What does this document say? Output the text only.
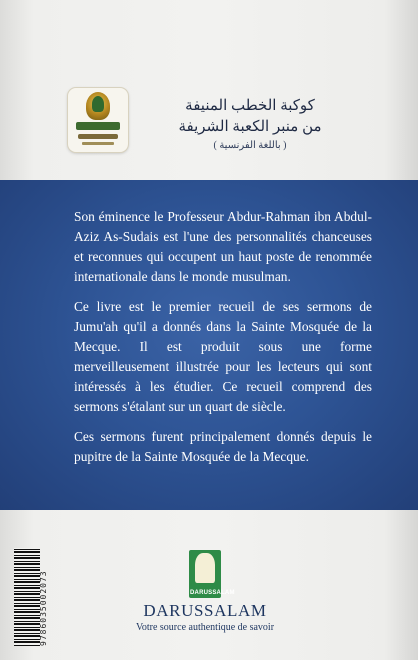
كوكبة الخطب المنيفة
من منبر الكعبة الشريفة
( باللغة الفرنسية )

Son éminence le Professeur Abdur-Rahman ibn Abdul-Aziz As-Sudais est l'une des personnalités chanceuses et reconnues qui occupent un haut poste de renommée internationale dans le monde musulman.

Ce livre est le premier recueil de ses sermons de Jumu'ah qu'il a donnés dans la Sainte Mosquée de la Mecque. Il est produit sous une forme merveilleusement illustrée pour les lecteurs qui sont intéressés à les étudier. Ce recueil comprend des sermons s'étalant sur un quart de siècle.

Ces sermons furent principalement donnés depuis le pupitre de la Sainte Mosquée de la Mecque.

9786035002073	DARUSSALAM
DARUSSALAM
Votre source authentique de savoir
